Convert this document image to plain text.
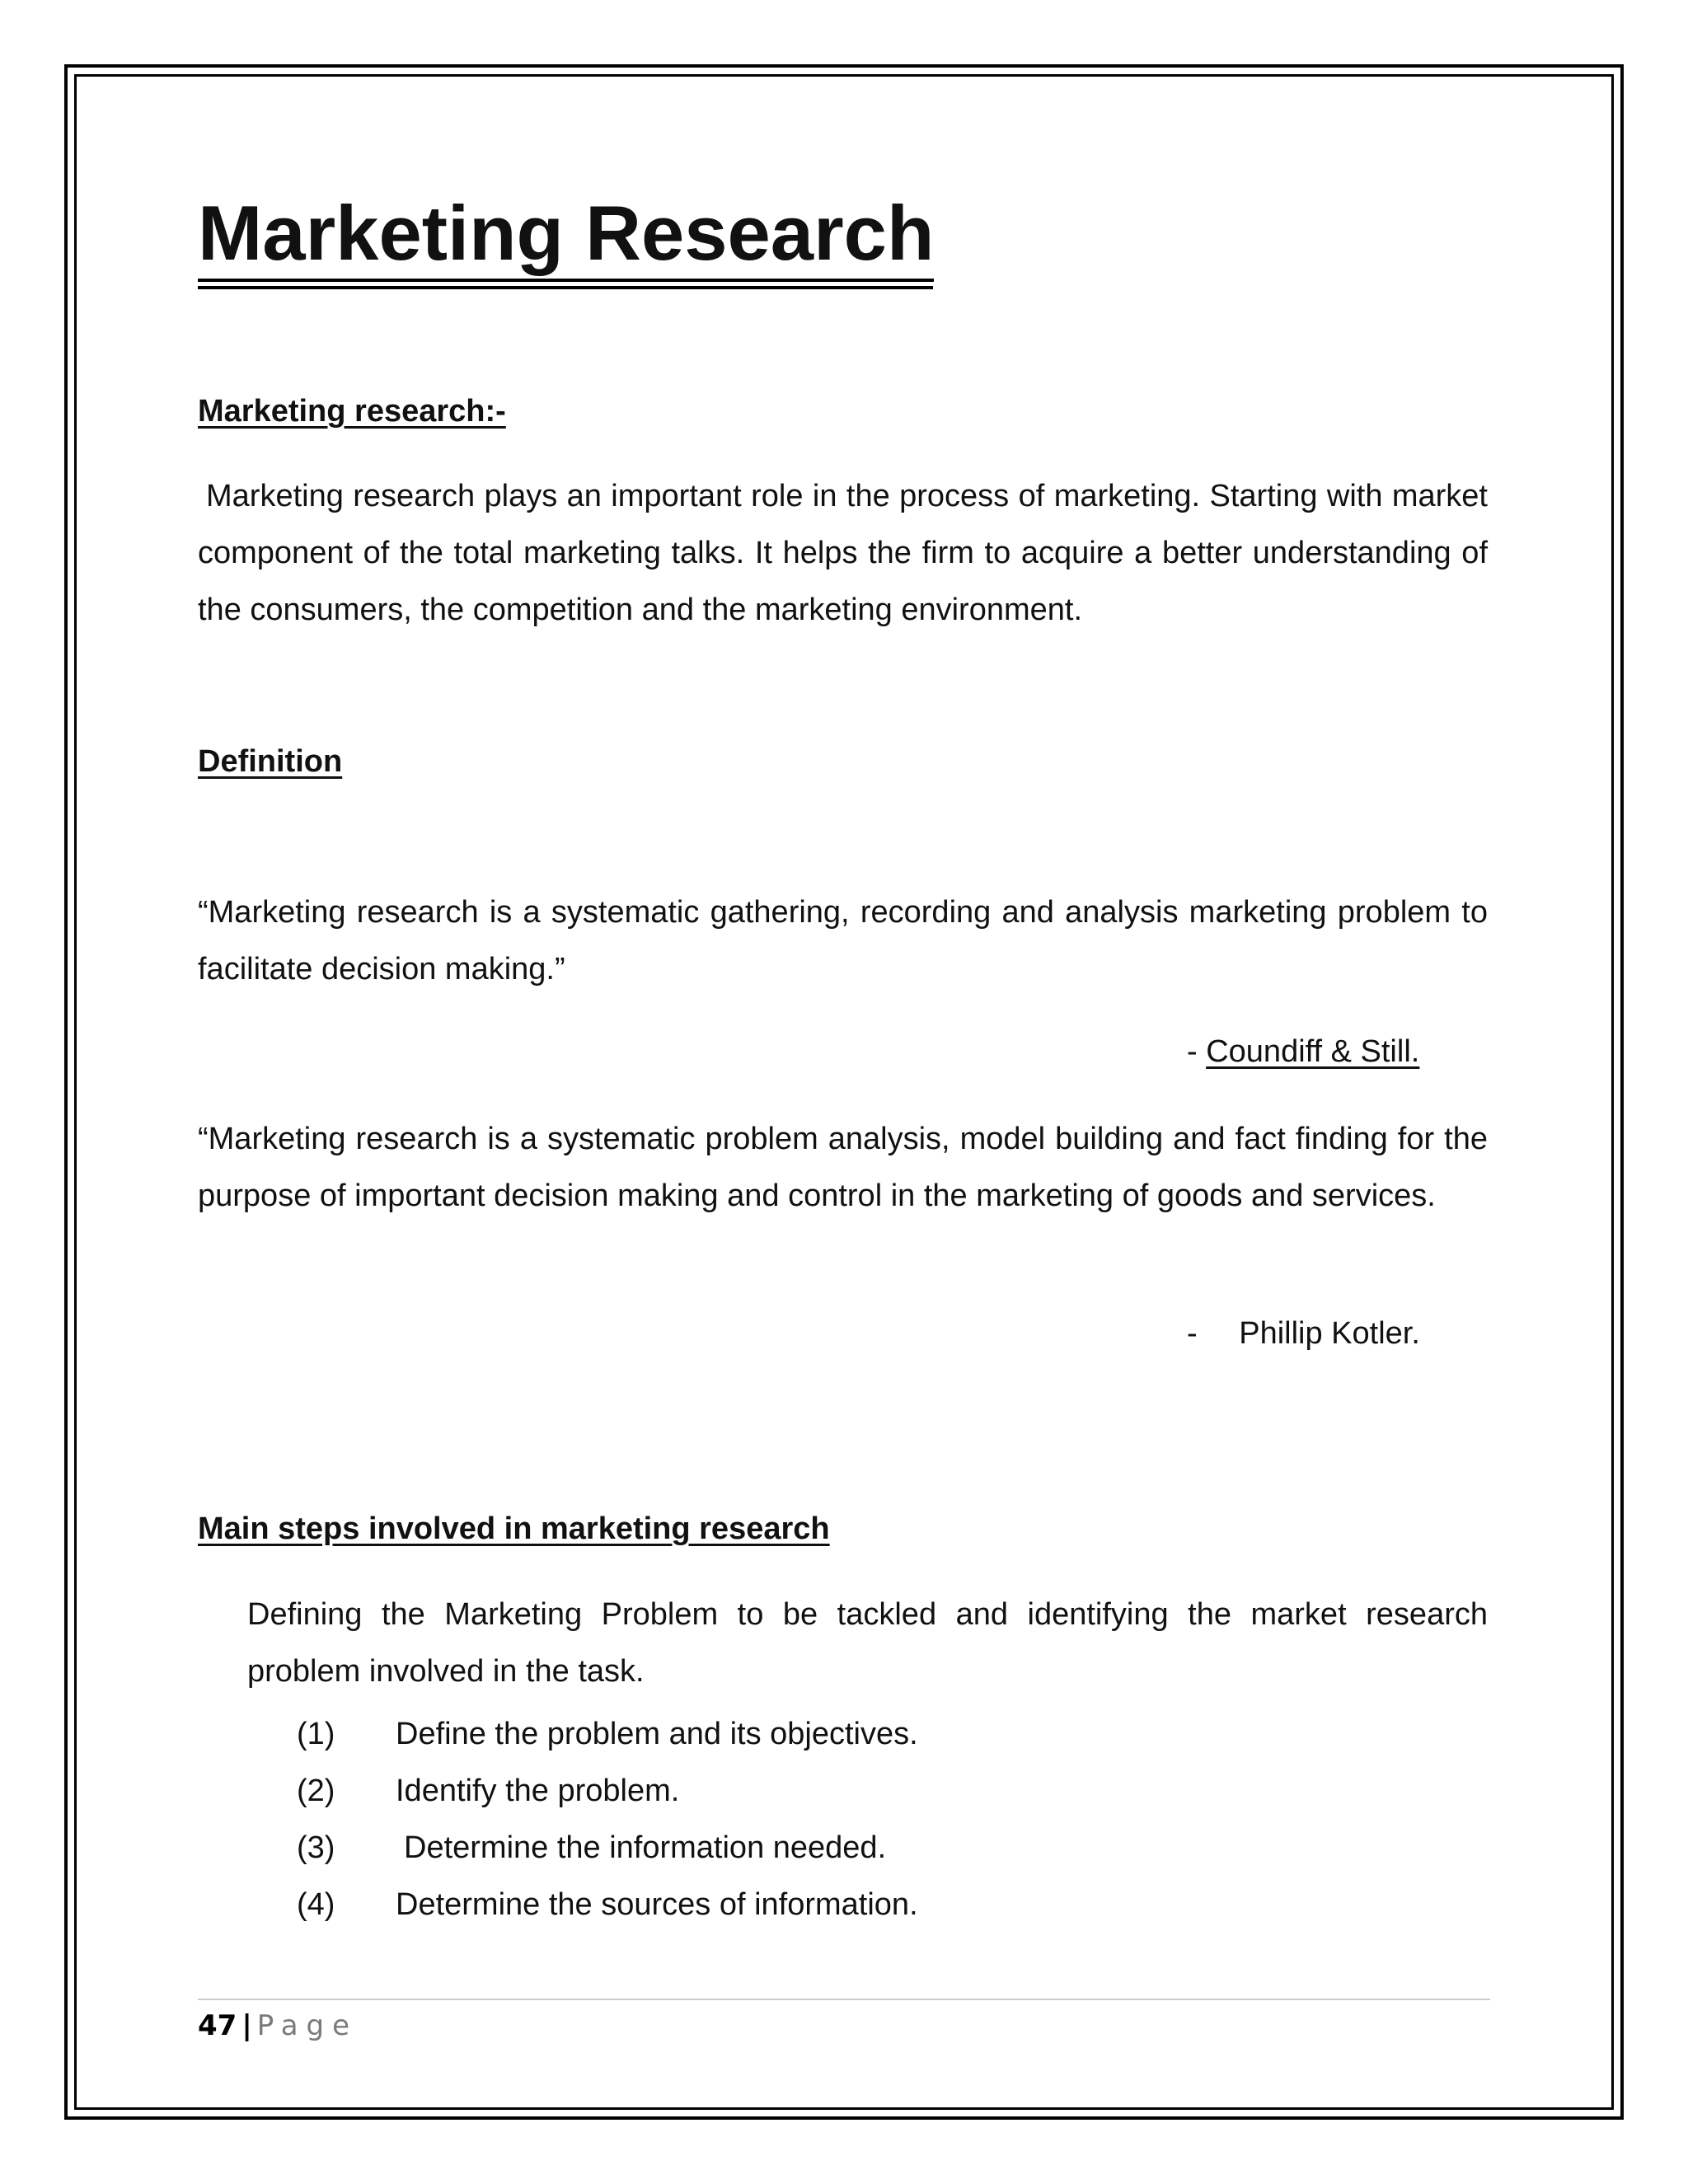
Marketing Research
Marketing research:-
Marketing research plays an important role in the process of marketing. Starting with market component of the total marketing talks. It helps the firm to acquire a better understanding of the consumers, the competition and the marketing environment.
Definition
“Marketing research is a systematic gathering, recording and analysis marketing problem to facilitate decision making.”
- Coundiff & Still.
“Marketing research is a systematic problem analysis, model building and fact finding for the purpose of important decision making and control in the marketing of goods and services.
- Phillip Kotler.
Main steps involved in marketing research
Defining the Marketing Problem to be tackled and identifying the market research problem involved in the task.
(1) Define the problem and its objectives.
(2) Identify the problem.
(3) Determine the information needed.
(4) Determine the sources of information.
47 | Page
